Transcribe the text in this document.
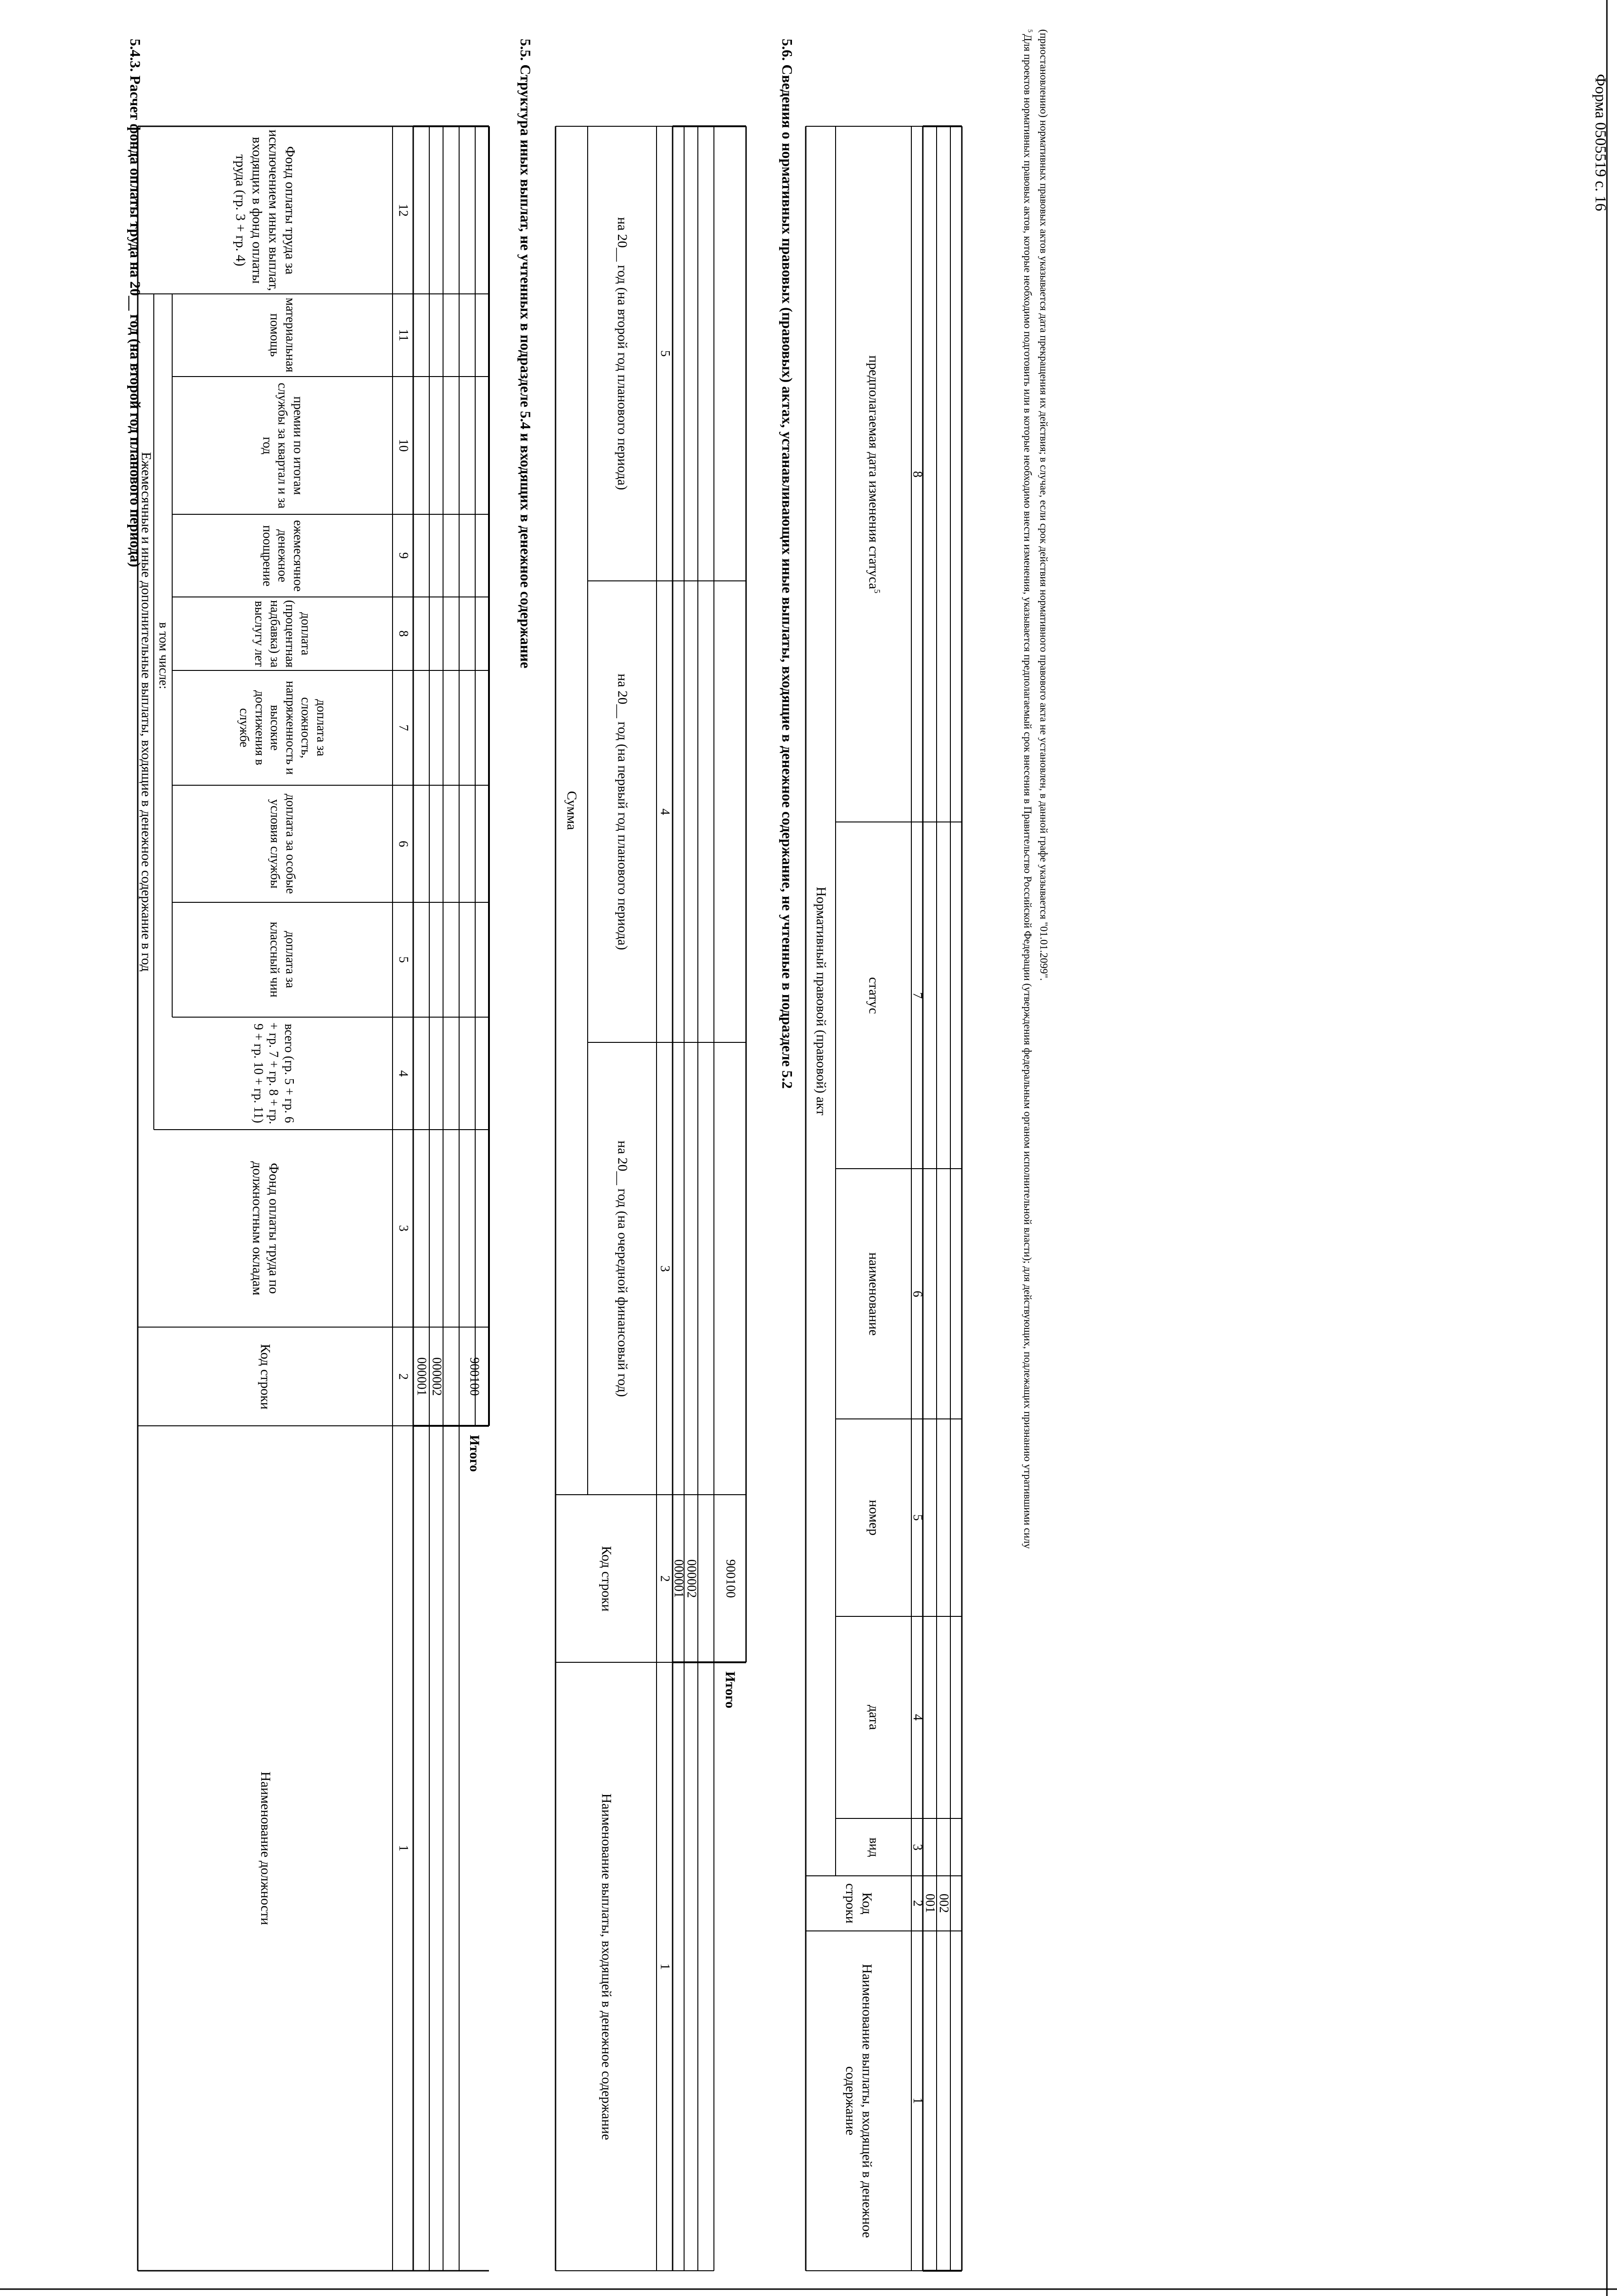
Форма 0505519 с. 16
5.4.3. Расчет фонда оплаты труда на 20__ год (на второй год планового периода)
Наименование должности
Код строки
Фонд оплаты труда по должностным окладам
Ежемесячные и иные дополнительные выплаты, входящие в денежное содержание в год
всего (гр. 5 + гр. 6 + гр. 7 + гр. 8 + гр. 9 + гр. 10 + гр. 11)
в том числе:
доплата за классный чин
доплата за особые условия службы
доплата за сложность, напряженность и высокие достижения в службе
доплата (процентная надбавка) за выслугу лет
ежемесячное денежное поощрение
премии по итогам службы за квартал и за год
материальная помощь
Фонд оплаты труда за исключением иных выплат, входящих в фонд оплаты труда (гр. 3 + гр. 4)
1
2
3
4
5
6
7
8
9
10
11
12
000001 000002 900100
Итого
5.5. Структура иных выплат, не учтенных в подразделе 5.4 и входящих в денежное содержание
Наименование выплаты, входящей в денежное содержание
Код строки
Сумма
на 20__ год (на очередной финансовый год)
на 20__ год (на первый год планового периода)
на 20__ год (на второй год планового периода)
1
2
3
4
5
000001
000002 900100
Итого
5.6. Сведения о нормативных правовых (правовых) актах, устанавливающих иные выплаты, входящие в денежное содержание, не учтенные в подразделе 5.2
Наименование выплаты, входящей в денежное содержание
Код строки
Нормативный правовой (правовой) акт
вид
дата
номер
наименование
статус
предполагаемая дата изменения статуса$^5$
1
2
3
4
5
6
7
8
001 002
$^5$ Для проектов нормативных правовых актов, которые необходимо подготовить или в которые необходимо внести изменения, указывается предполагаемый срок внесения в Правительство Российской Федерации (утверждения федеральным органом исполнительной власти); для действующих, подлежащих признанию утратившими силу (приостановлению) нормативных правовых актов указывается дата прекращения их действия; в случае, если срок действия нормативного правового акта не установлен, в данной графе указывается "01.01.2099".
